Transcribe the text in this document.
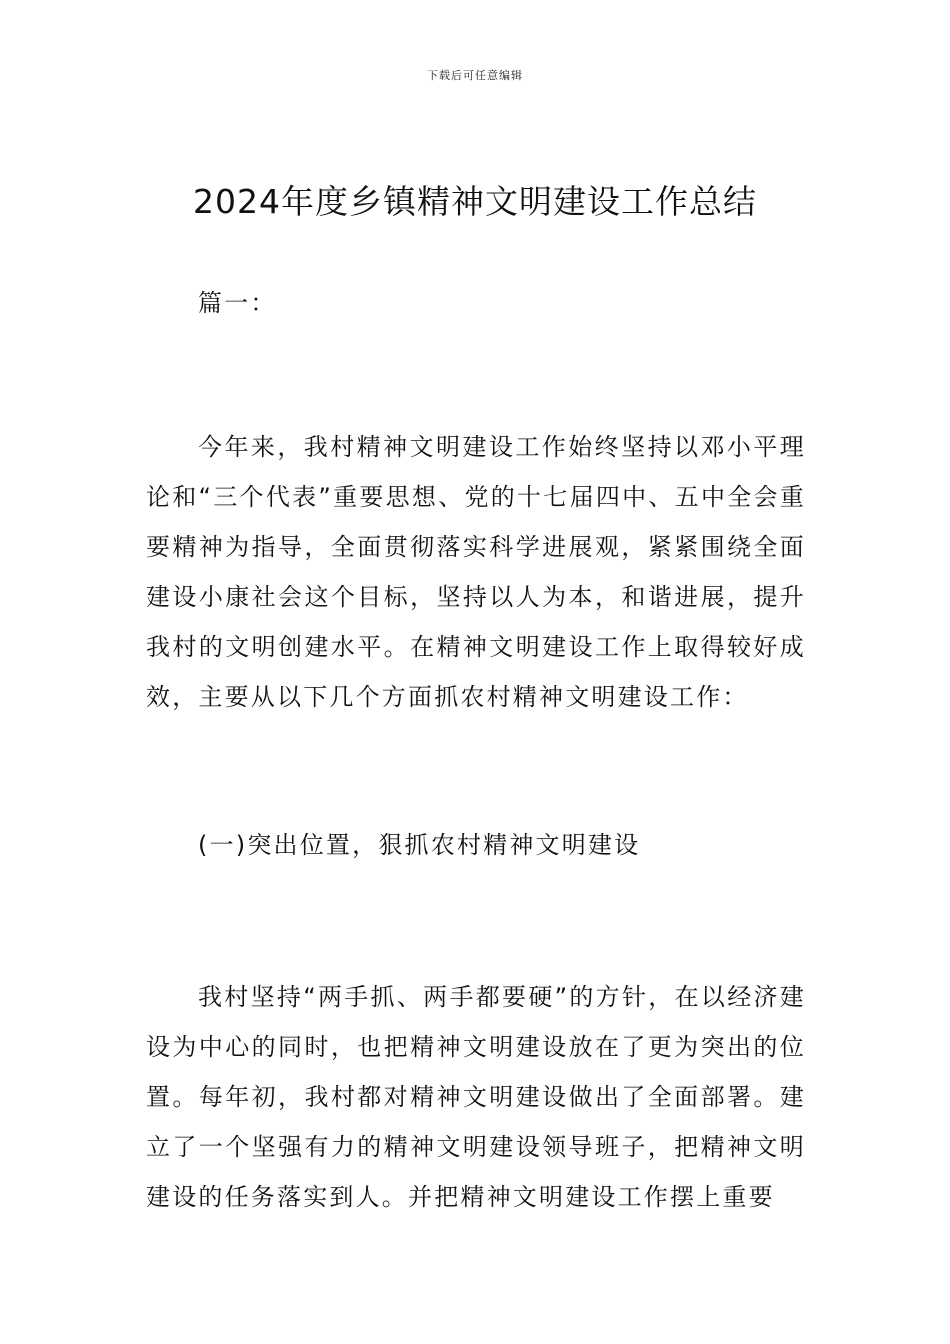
下载后可任意编辑
2024年度乡镇精神文明建设工作总结
篇一：
今年来，我村精神文明建设工作始终坚持以邓小平理论和“三个代表”重要思想、党的十七届四中、五中全会重要精神为指导，全面贯彻落实科学进展观，紧紧围绕全面建设小康社会这个目标，坚持以人为本，和谐进展，提升我村的文明创建水平。在精神文明建设工作上取得较好成效，主要从以下几个方面抓农村精神文明建设工作：
(一)突出位置，狠抓农村精神文明建设
我村坚持“两手抓、两手都要硬”的方针，在以经济建设为中心的同时，也把精神文明建设放在了更为突出的位置。每年初，我村都对精神文明建设做出了全面部署。建立了一个坚强有力的精神文明建设领导班子，把精神文明建设的任务落实到人。并把精神文明建设工作摆上重要
